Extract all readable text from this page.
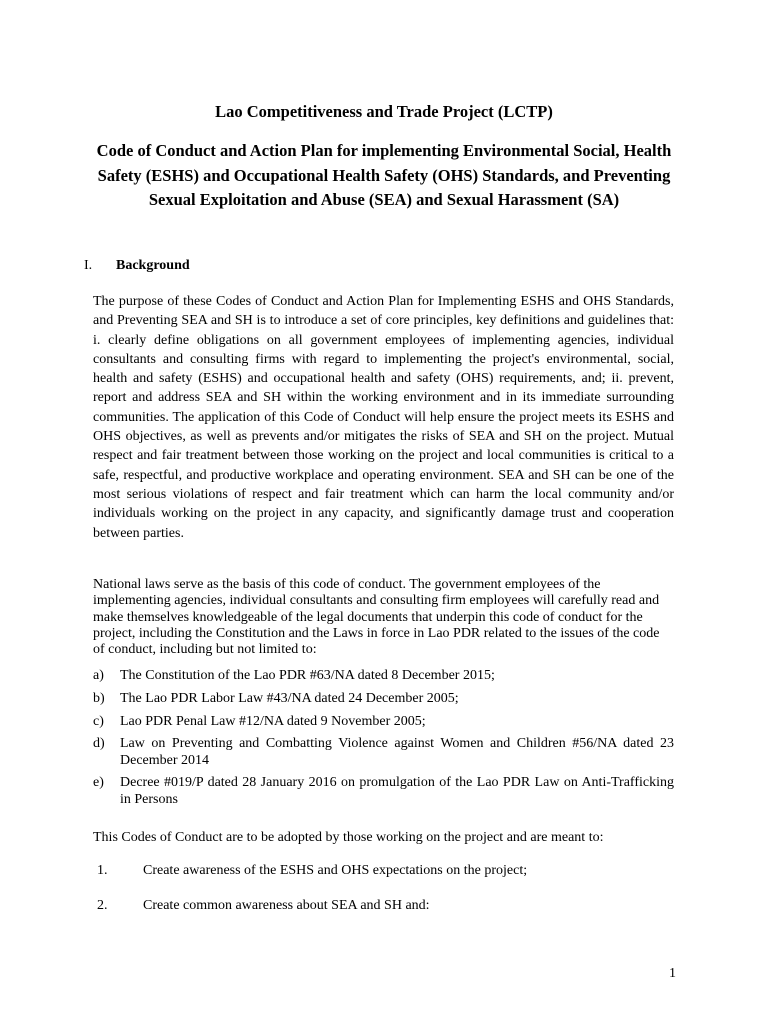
Lao Competitiveness and Trade Project (LCTP)
Code of Conduct and Action Plan for implementing Environmental Social, Health Safety (ESHS) and Occupational Health Safety (OHS) Standards, and Preventing Sexual Exploitation and Abuse (SEA) and Sexual Harassment (SA)
I.	Background
The purpose of these Codes of Conduct and Action Plan for Implementing ESHS and OHS Standards, and Preventing SEA and SH is to introduce a set of core principles, key definitions and guidelines that: i. clearly define obligations on all government employees of implementing agencies, individual consultants and consulting firms with regard to implementing the project's environmental, social, health and safety (ESHS) and occupational health and safety (OHS) requirements, and; ii. prevent, report and address SEA and SH within the working environment and in its immediate surrounding communities. The application of this Code of Conduct will help ensure the project meets its ESHS and OHS objectives, as well as prevents and/or mitigates the risks of SEA and SH on the project. Mutual respect and fair treatment between those working on the project and local communities is critical to a safe, respectful, and productive workplace and operating environment. SEA and SH can be one of the most serious violations of respect and fair treatment which can harm the local community and/or individuals working on the project in any capacity, and significantly damage trust and cooperation between parties.
National laws serve as the basis of this code of conduct. The government employees of the implementing agencies, individual consultants and consulting firm employees will carefully read and make themselves knowledgeable of the legal documents that underpin this code of conduct for the project, including the Constitution and the Laws in force in Lao PDR related to the issues of the code of conduct, including but not limited to:
a) The Constitution of the Lao PDR #63/NA dated 8 December 2015;
b) The Lao PDR Labor Law #43/NA dated 24 December 2005;
c) Lao PDR Penal Law #12/NA dated 9 November 2005;
d) Law on Preventing and Combatting Violence against Women and Children #56/NA dated 23 December 2014
e) Decree #019/P dated 28 January 2016 on promulgation of the Lao PDR Law on Anti-Trafficking in Persons
This Codes of Conduct are to be adopted by those working on the project and are meant to:
1.	Create awareness of the ESHS and OHS expectations on the project;
2.	Create common awareness about SEA and SH and:
1
